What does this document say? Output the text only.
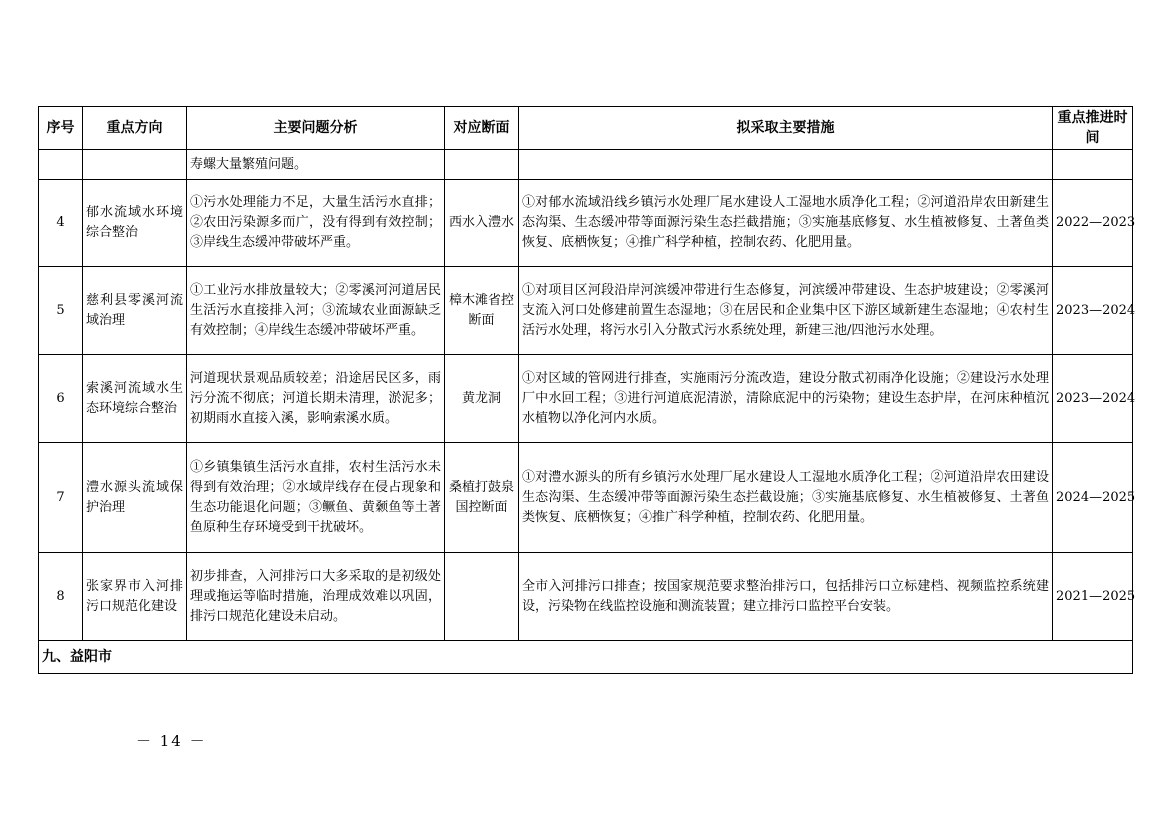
序号	重点方向	主要问题分析	对应断面	拟采取主要措施	重点推进时间
		寿螺大量繁殖问题。			
4	郁水流域水环境综合整治	①污水处理能力不足，大量生活污水直排；②农田污染源多而广，没有得到有效控制；③岸线生态缓冲带破坏严重。	西水入澧水	①对郁水流域沿线乡镇污水处理厂尾水建设人工湿地水质净化工程；②河道沿岸农田新建生态沟渠、生态缓冲带等面源污染生态拦截措施；③实施基底修复、水生植被修复、土著鱼类恢复、底栖恢复；④推广科学种植，控制农药、化肥用量。	2022—2023
5	慈利县零溪河流域治理	①工业污水排放量较大；②零溪河河道居民生活污水直接排入河；③流域农业面源缺乏有效控制；④岸线生态缓冲带破坏严重。	樟木滩省控断面	①对项目区河段沿岸河滨缓冲带进行生态修复，河滨缓冲带建设、生态护坡建设；②零溪河支流入河口处修建前置生态湿地；③在居民和企业集中区下游区域新建生态湿地；④农村生活污水处理，将污水引入分散式污水系统处理，新建三池/四池污水处理。	2023—2024
6	索溪河流域水生态环境综合整治	河道现状景观品质较差；沿途居民区多，雨污分流不彻底；河道长期未清理，淤泥多；初期雨水直接入溪，影响索溪水质。	黄龙洞	①对区域的管网进行排查，实施雨污分流改造，建设分散式初雨净化设施；②建设污水处理厂中水回工程；③进行河道底泥清淤，清除底泥中的污染物；建设生态护岸，在河床种植沉水植物以净化河内水质。	2023—2024
7	澧水源头流域保护治理	①乡镇集镇生活污水直排，农村生活污水未得到有效治理；②水域岸线存在侵占现象和生态功能退化问题；③鳜鱼、黄颡鱼等土著鱼原种生存环境受到干扰破坏。	桑植打鼓泉国控断面	①对澧水源头的所有乡镇污水处理厂尾水建设人工湿地水质净化工程；②河道沿岸农田建设生态沟渠、生态缓冲带等面源污染生态拦截设施；③实施基底修复、水生植被修复、土著鱼类恢复、底栖恢复；④推广科学种植，控制农药、化肥用量。	2024—2025
8	张家界市入河排污口规范化建设	初步排查，入河排污口大多采取的是初级处理或拖运等临时措施，治理成效难以巩固，排污口规范化建设未启动。		全市入河排污口排查；按国家规范要求整治排污口，包括排污口立标建档、视频监控系统建设，污染物在线监控设施和测流装置；建立排污口监控平台安装。	2021—2025
九、益阳市					
－ 14 －
